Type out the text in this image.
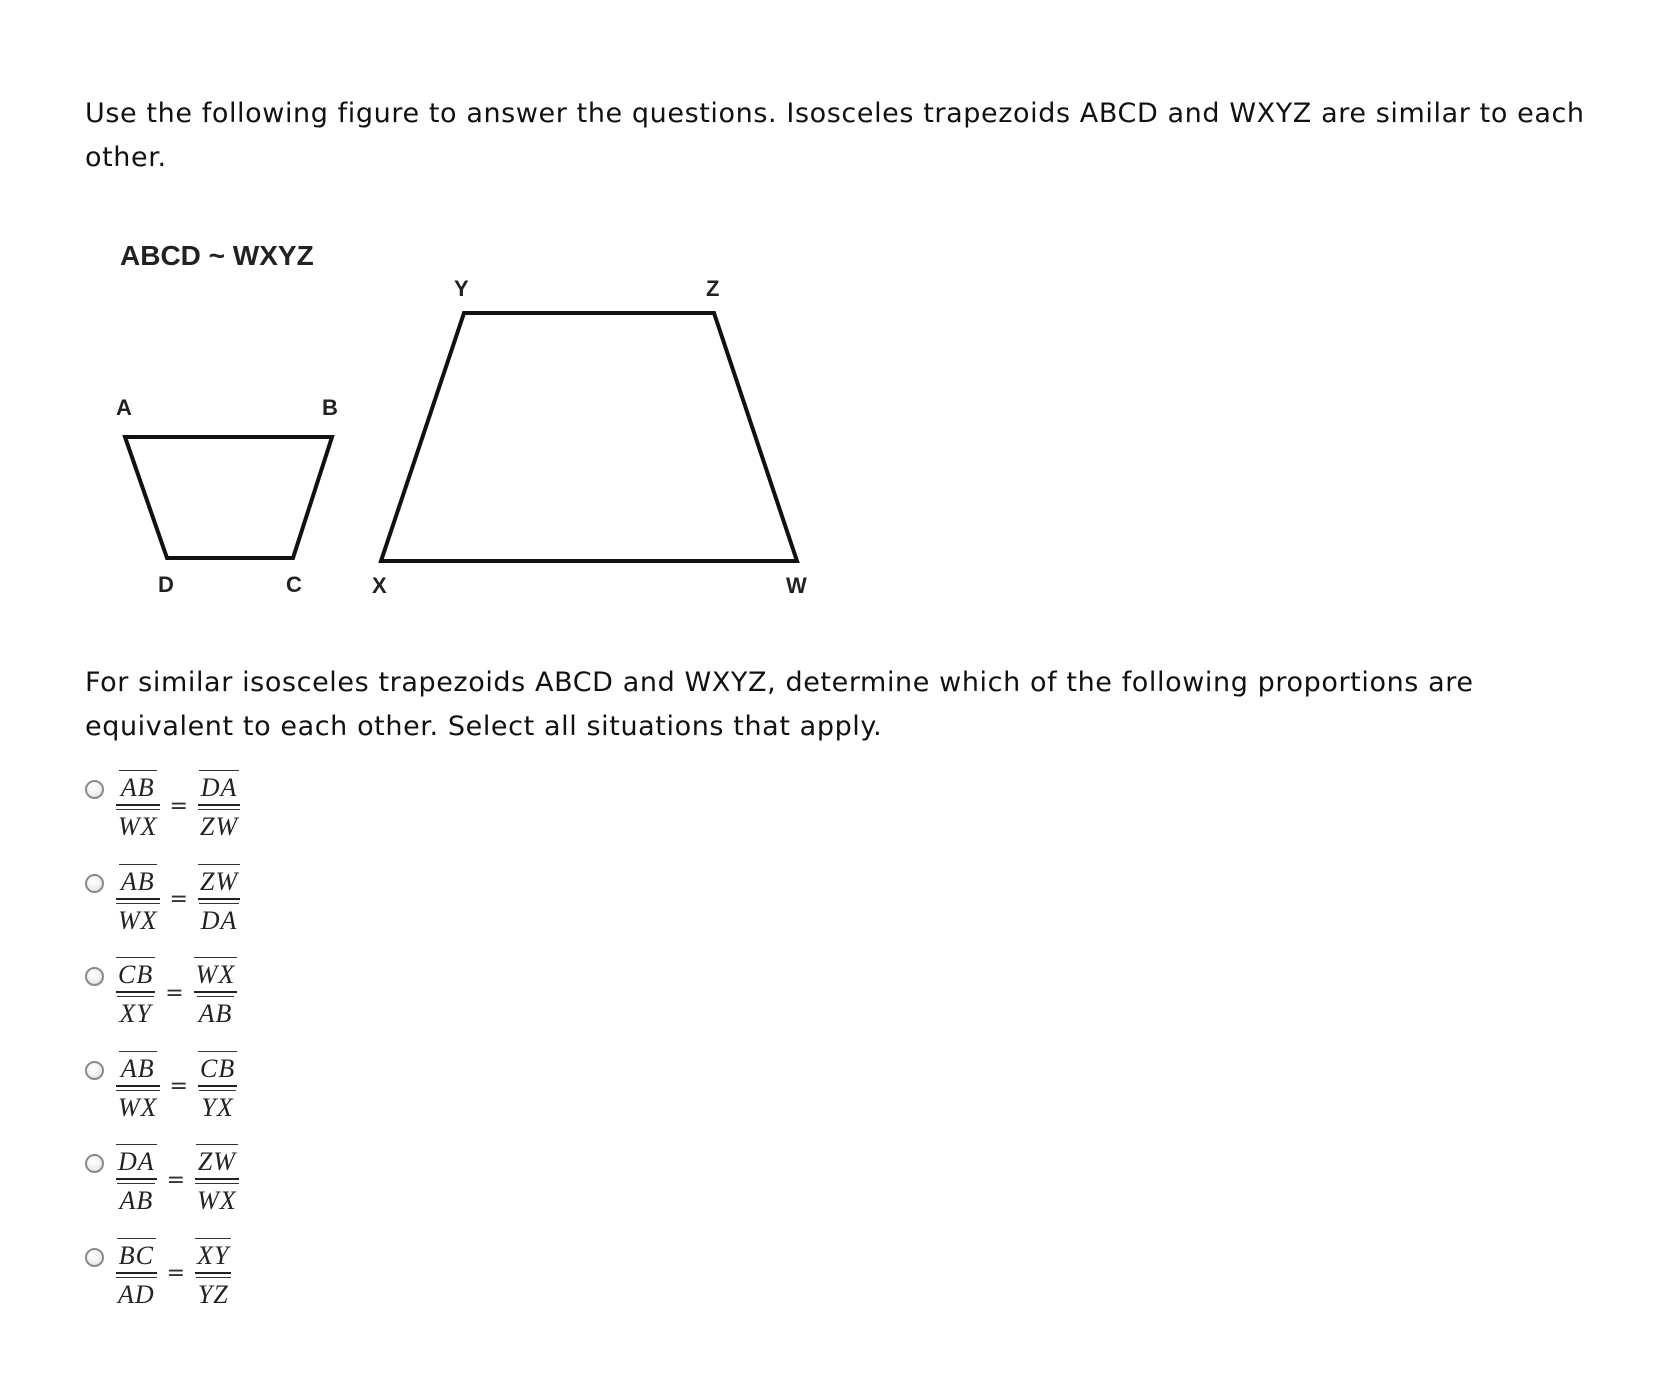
Use the following figure to answer the questions. Isosceles trapezoids ABCD and WXYZ are similar to each other.

ABCD ~ WXYZ
A	B
C
D
Y	Z
X	W

For similar isosceles trapezoids ABCD and WXYZ, determine which of the following proportions are equivalent to each other. Select all situations that apply.

$\frac{AB}{WX} = \frac{DA}{ZW}$
$\frac{AB}{WX} = \frac{ZW}{DA}$
$\frac{CB}{XY} = \frac{WX}{AB}$
$\frac{AB}{WX} = \frac{CB}{YX}$
$\frac{DA}{AB} = \frac{ZW}{WX}$
$\frac{BC}{AD} = \frac{XY}{YZ}$
